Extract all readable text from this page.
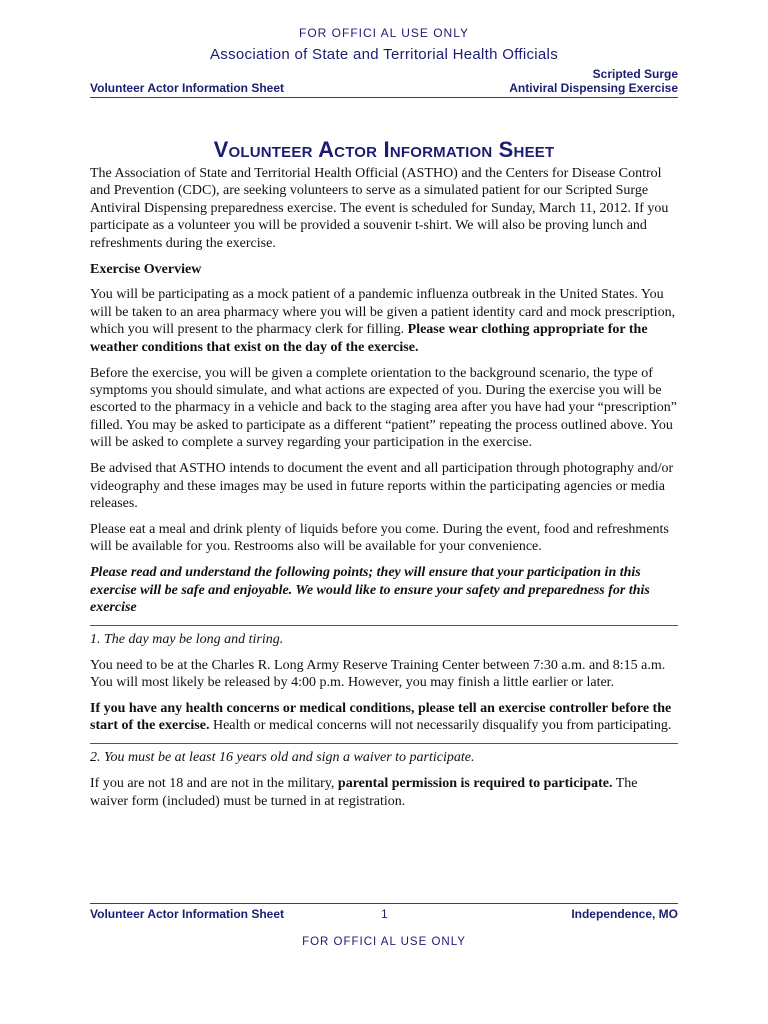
FOR OFFICI AL USE ONLY
Association of State and Territorial Health Officials
Volunteer Actor Information Sheet
Scripted Surge
Antiviral Dispensing Exercise
Volunteer Actor Information Sheet

The Association of State and Territorial Health Official (ASTHO) and the Centers for Disease Control and Prevention (CDC), are seeking volunteers to serve as a simulated patient for our Scripted Surge Antiviral Dispensing preparedness exercise. The event is scheduled for Sunday, March 11, 2012. If you participate as a volunteer you will be provided a souvenir t-shirt. We will also be proving lunch and refreshments during the exercise.

Exercise Overview

You will be participating as a mock patient of a pandemic influenza outbreak in the United States. You will be taken to an area pharmacy where you will be given a patient identity card and mock prescription, which you will present to the pharmacy clerk for filling. Please wear clothing appropriate for the weather conditions that exist on the day of the exercise.

Before the exercise, you will be given a complete orientation to the background scenario, the type of symptoms you should simulate, and what actions are expected of you. During the exercise you will be escorted to the pharmacy in a vehicle and back to the staging area after you have had your “prescription” filled. You may be asked to participate as a different “patient” repeating the process outlined above. You will be asked to complete a survey regarding your participation in the exercise.

Be advised that ASTHO intends to document the event and all participation through photography and/or videography and these images may be used in future reports within the participating agencies or media releases.

Please eat a meal and drink plenty of liquids before you come. During the event, food and refreshments will be available for you. Restrooms also will be available for your convenience.

Please read and understand the following points; they will ensure that your participation in this exercise will be safe and enjoyable. We would like to ensure your safety and preparedness for this exercise

1. The day may be long and tiring.

You need to be at the Charles R. Long Army Reserve Training Center between 7:30 a.m. and 8:15 a.m. You will most likely be released by 4:00 p.m. However, you may finish a little earlier or later.

If you have any health concerns or medical conditions, please tell an exercise controller before the start of the exercise. Health or medical concerns will not necessarily disqualify you from participating.

2. You must be at least 16 years old and sign a waiver to participate.

If you are not 18 and are not in the military, parental permission is required to participate. The waiver form (included) must be turned in at registration.

Volunteer Actor Information Sheet	1	Independence, MO
FOR OFFICI AL USE ONLY
